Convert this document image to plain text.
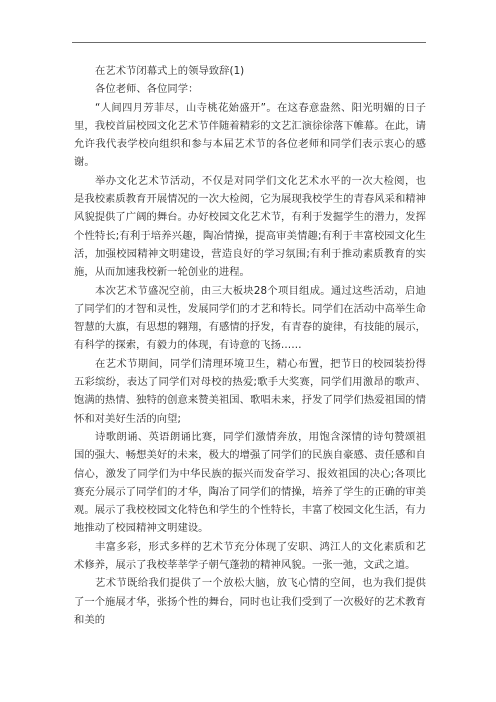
在艺术节闭幕式上的领导致辞(1)

各位老师、各位同学：

“人间四月芳菲尽，山寺桃花始盛开”。在这春意盎然、阳光明媚的日子里，我校首届校园文化艺术节伴随着精彩的文艺汇演徐徐落下帷幕。在此，请允许我代表学校向组织和参与本届艺术节的各位老师和同学们表示衷心的感谢。

举办文化艺术节活动，不仅是对同学们文化艺术水平的一次大检阅，也是我校素质教育开展情况的一次大检阅，它为展现我校学生的青春风采和精神风貌提供了广阔的舞台。办好校园文化艺术节，有利于发掘学生的潜力，发挥个性特长;有利于培养兴趣，陶冶情操，提高审美情趣;有利于丰富校园文化生活，加强校园精神文明建设，营造良好的学习氛围;有利于推动素质教育的实施，从而加速我校新一轮创业的进程。

本次艺术节盛况空前，由三大板块28个项目组成。通过这些活动，启迪了同学们的才智和灵性，发展同学们的才艺和特长。同学们在活动中高举生命智慧的大旗，有思想的翱翔，有感情的抒发，有青春的旋律，有技能的展示，有科学的探索，有毅力的体现，有诗意的飞扬……

在艺术节期间，同学们清理环境卫生，精心布置，把节日的校园装扮得五彩缤纷，表达了同学们对母校的热爱;歌手大奖赛，同学们用激昂的歌声、饱满的热情、独特的创意来赞美祖国、歌唱未来，抒发了同学们热爱祖国的情怀和对美好生活的向望;

诗歌朗诵、英语朗诵比赛，同学们激情奔放，用饱含深情的诗句赞颂祖国的强大、畅想美好的未来，极大的增强了同学们的民族自豪感、责任感和自信心，激发了同学们为中华民族的振兴而发奋学习、报效祖国的决心;各项比赛充分展示了同学们的才华，陶冶了同学们的情操，培养了学生的正确的审美观。展示了我校校园文化特色和学生的个性特长，丰富了校园文化生活，有力地推动了校园精神文明建设。

丰富多彩，形式多样的艺术节充分体现了安职、鸿江人的文化素质和艺术修养，展示了我校莘莘学子朝气蓬勃的精神风貌。一张一弛，文武之道。

艺术节既给我们提供了一个放松大脑，放飞心情的空间，也为我们提供了一个施展才华，张扬个性的舞台，同时也让我们受到了一次极好的艺术教育和美的
